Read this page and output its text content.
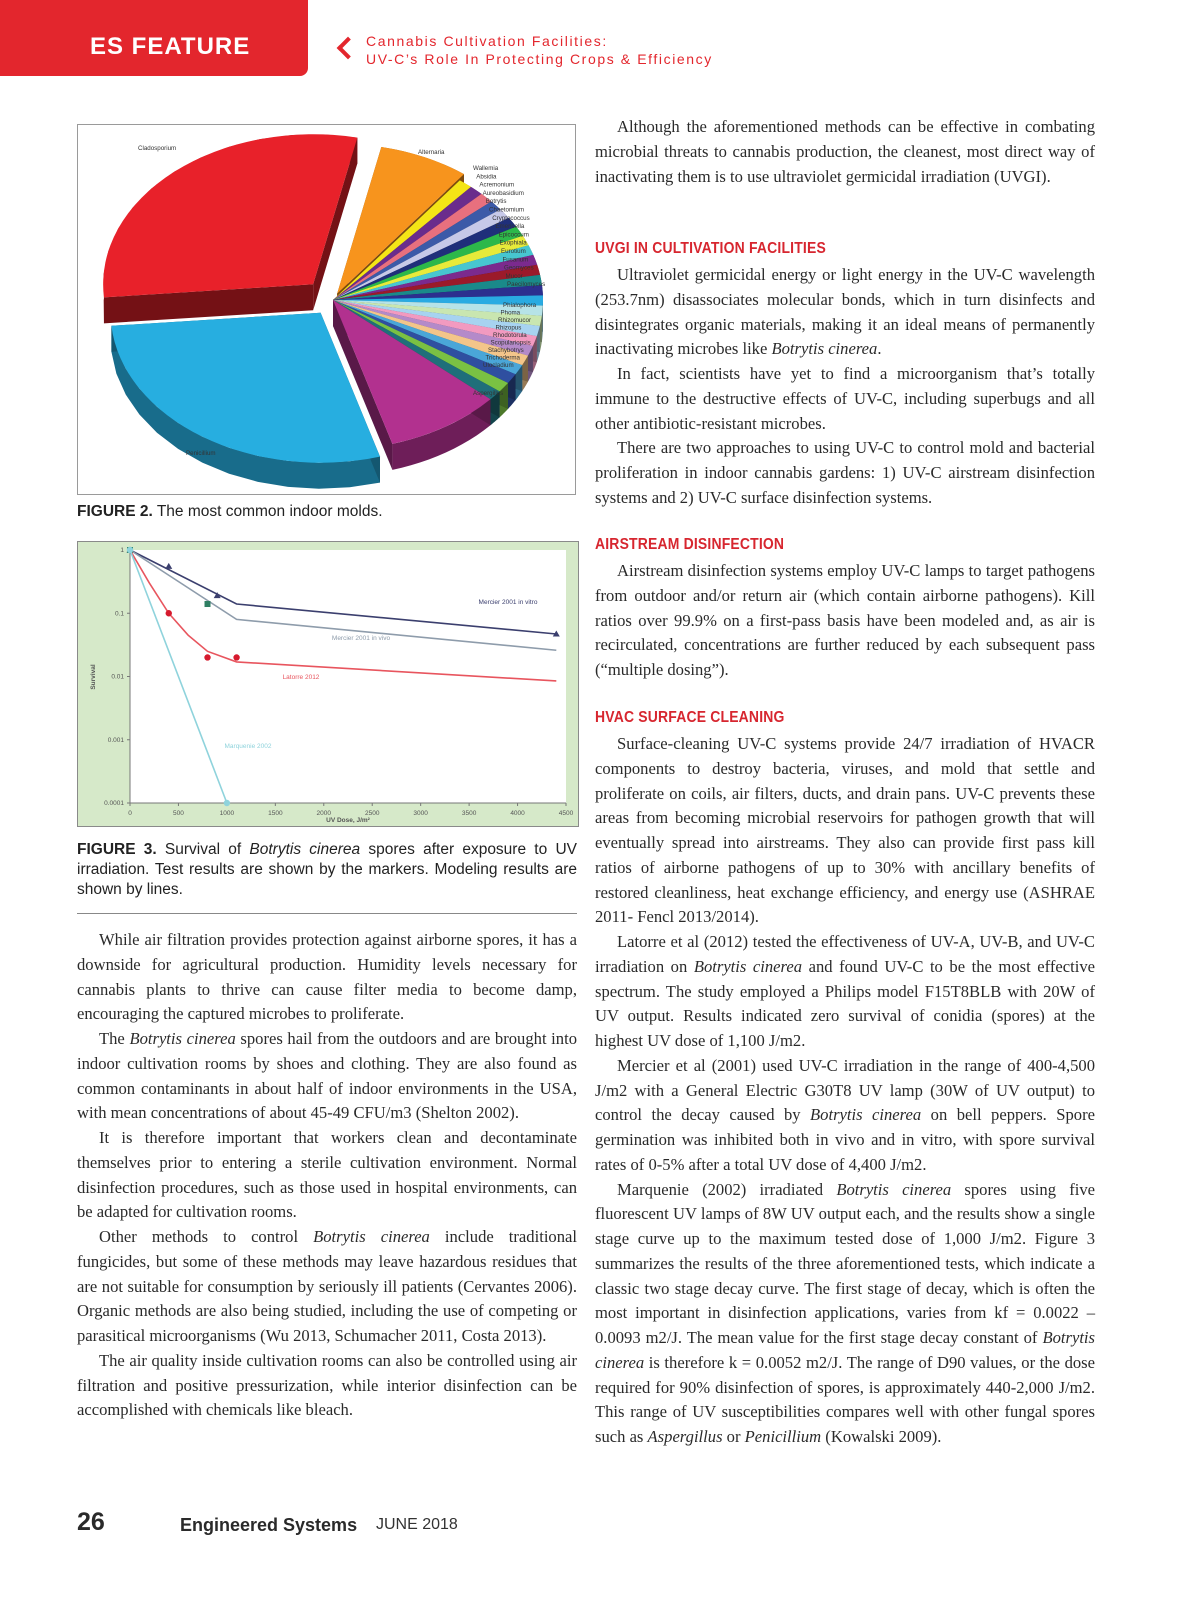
ES FEATURE	Cannabis Cultivation Facilities:
UV-C’s Role In Protecting Crops & Efficiency
Cladosporium
Alternaria
Wallemia
Absidia
Acremonium
Aureobasidium
Botrytis
Chaetomium
Cryptococcus
Emericella
Epicoccum
Exophiala
Eurotium
Fusarium
Geomyces
Mucor
Paecilomyces
Phialophora
Phoma
Rhizomucor
Rhizopus
Rhodotorula
Scopulariopsis
Stachybotrys
Trichoderma
Ulocladium
Aspergillus
Penicillium
FIGURE 2. The most common indoor molds.
0	500	1000	1500	2000	2500	3000	3500	4000	4500
1
0.1
0.01
0.001
0.0001
UV Dose, J/m²
Survival
Mercier 2001 in vitro
Mercier 2001 in vivo
Latorre 2012
Marquenie 2002
FIGURE 3. Survival of Botrytis cinerea spores after exposure to UV irradiation. Test results are shown by the markers. Modeling results are shown by lines.

While air filtration provides protection against airborne spores, it has a downside for agricultural production. Humidity levels necessary for cannabis plants to thrive can cause filter media to become damp, encouraging the captured microbes to proliferate.

The Botrytis cinerea spores hail from the outdoors and are brought into indoor cultivation rooms by shoes and clothing. They are also found as common contaminants in about half of indoor environments in the USA, with mean concentrations of about 45-49 CFU/m3 (Shelton 2002).

It is therefore important that workers clean and decontaminate themselves prior to entering a sterile cultivation environment. Normal disinfection procedures, such as those used in hospital environments, can be adapted for cultivation rooms.

Other methods to control Botrytis cinerea include traditional fungicides, but some of these methods may leave hazardous residues that are not suitable for consumption by seriously ill patients (Cervantes 2006). Organic methods are also being studied, including the use of competing or parasitical microorganisms (Wu 2013, Schumacher 2011, Costa 2013).

The air quality inside cultivation rooms can also be controlled using air filtration and positive pressurization, while interior disinfection can be accomplished with chemicals like bleach.

Although the aforementioned methods can be effective in combating microbial threats to cannabis production, the cleanest, most direct way of inactivating them is to use ultraviolet germicidal irradiation (UVGI).

UVGI IN CULTIVATION FACILITIES

Ultraviolet germicidal energy or light energy in the UV-C wavelength (253.7nm) disassociates molecular bonds, which in turn disinfects and disintegrates organic materials, making it an ideal means of permanently inactivating microbes like Botrytis cinerea.

In fact, scientists have yet to find a microorganism that’s totally immune to the destructive effects of UV-C, including superbugs and all other antibiotic-resistant microbes.

There are two approaches to using UV-C to control mold and bacterial proliferation in indoor cannabis gardens: 1) UV-C airstream disinfection systems and 2) UV-C surface disinfection systems.

AIRSTREAM DISINFECTION

Airstream disinfection systems employ UV-C lamps to target pathogens from outdoor and/or return air (which contain airborne pathogens). Kill ratios over 99.9% on a first-pass basis have been modeled and, as air is recirculated, concentrations are further reduced by each subsequent pass (“multiple dosing”).

HVAC SURFACE CLEANING

Surface-cleaning UV-C systems provide 24/7 irradiation of HVACR components to destroy bacteria, viruses, and mold that settle and proliferate on coils, air filters, ducts, and drain pans. UV-C prevents these areas from becoming microbial reservoirs for pathogen growth that will eventually spread into airstreams. They also can provide first pass kill ratios of airborne pathogens of up to 30% with ancillary benefits of restored cleanliness, heat exchange efficiency, and energy use (ASHRAE 2011- Fencl 2013/2014).

Latorre et al (2012) tested the effectiveness of UV-A, UV-B, and UV-C irradiation on Botrytis cinerea and found UV-C to be the most effective spectrum. The study employed a Philips model F15T8BLB with 20W of UV output. Results indicated zero survival of conidia (spores) at the highest UV dose of 1,100 J/m2.

Mercier et al (2001) used UV-C irradiation in the range of 400-4,500 J/m2 with a General Electric G30T8 UV lamp (30W of UV output) to control the decay caused by Botrytis cinerea on bell peppers. Spore germination was inhibited both in vivo and in vitro, with spore survival rates of 0-5% after a total UV dose of 4,400 J/m2.

Marquenie (2002) irradiated Botrytis cinerea spores using five fluorescent UV lamps of 8W UV output each, and the results show a single stage curve up to the maximum tested dose of 1,000 J/m2. Figure 3 summarizes the results of the three aforementioned tests, which indicate a classic two stage decay curve. The first stage of decay, which is often the most important in disinfection applications, varies from kf = 0.0022 – 0.0093 m2/J. The mean value for the first stage decay constant of Botrytis cinerea is therefore k = 0.0052 m2/J. The range of D90 values, or the dose required for 90% disinfection of spores, is approximately 440-2,000 J/m2. This range of UV susceptibilities compares well with other fungal spores such as Aspergillus or Penicillium (Kowalski 2009).

26	Engineered Systems JUNE 2018
